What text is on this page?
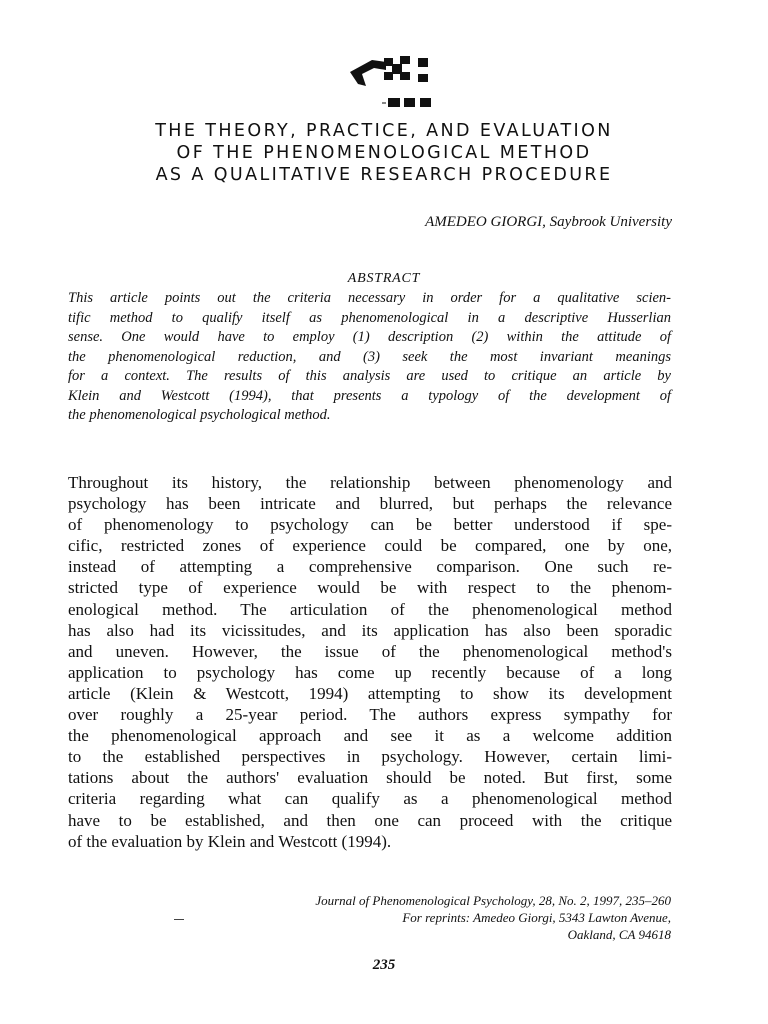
THE THEORY, PRACTICE, AND EVALUATION
OF THE PHENOMENOLOGICAL METHOD
AS A QUALITATIVE RESEARCH PROCEDURE
AMEDEO GIORGI, Saybrook University
ABSTRACT
This article points out the criteria necessary in order for a qualitative scien-
tific method to qualify itself as phenomenological in a descriptive Husserlian
sense. One would have to employ (1) description (2) within the attitude of
the phenomenological reduction, and (3) seek the most invariant meanings
for a context. The results of this analysis are used to critique an article by
Klein and Westcott (1994), that presents a typology of the development of
the phenomenological psychological method.
Throughout its history, the relationship between phenomenology and
psychology has been intricate and blurred, but perhaps the relevance
of phenomenology to psychology can be better understood if spe-
cific, restricted zones of experience could be compared, one by one,
instead of attempting a comprehensive comparison. One such re-
stricted type of experience would be with respect to the phenom-
enological method. The articulation of the phenomenological method
has also had its vicissitudes, and its application has also been sporadic
and uneven. However, the issue of the phenomenological method's
application to psychology has come up recently because of a long
article (Klein & Westcott, 1994) attempting to show its development
over roughly a 25-year period. The authors express sympathy for
the phenomenological approach and see it as a welcome addition
to the established perspectives in psychology. However, certain limi-
tations about the authors' evaluation should be noted. But first, some
criteria regarding what can qualify as a phenomenological method
have to be established, and then one can proceed with the critique
of the evaluation by Klein and Westcott (1994).
Journal of Phenomenological Psychology, 28, No. 2, 1997, 235–260
For reprints: Amedeo Giorgi, 5343 Lawton Avenue,
Oakland, CA 94618
235
